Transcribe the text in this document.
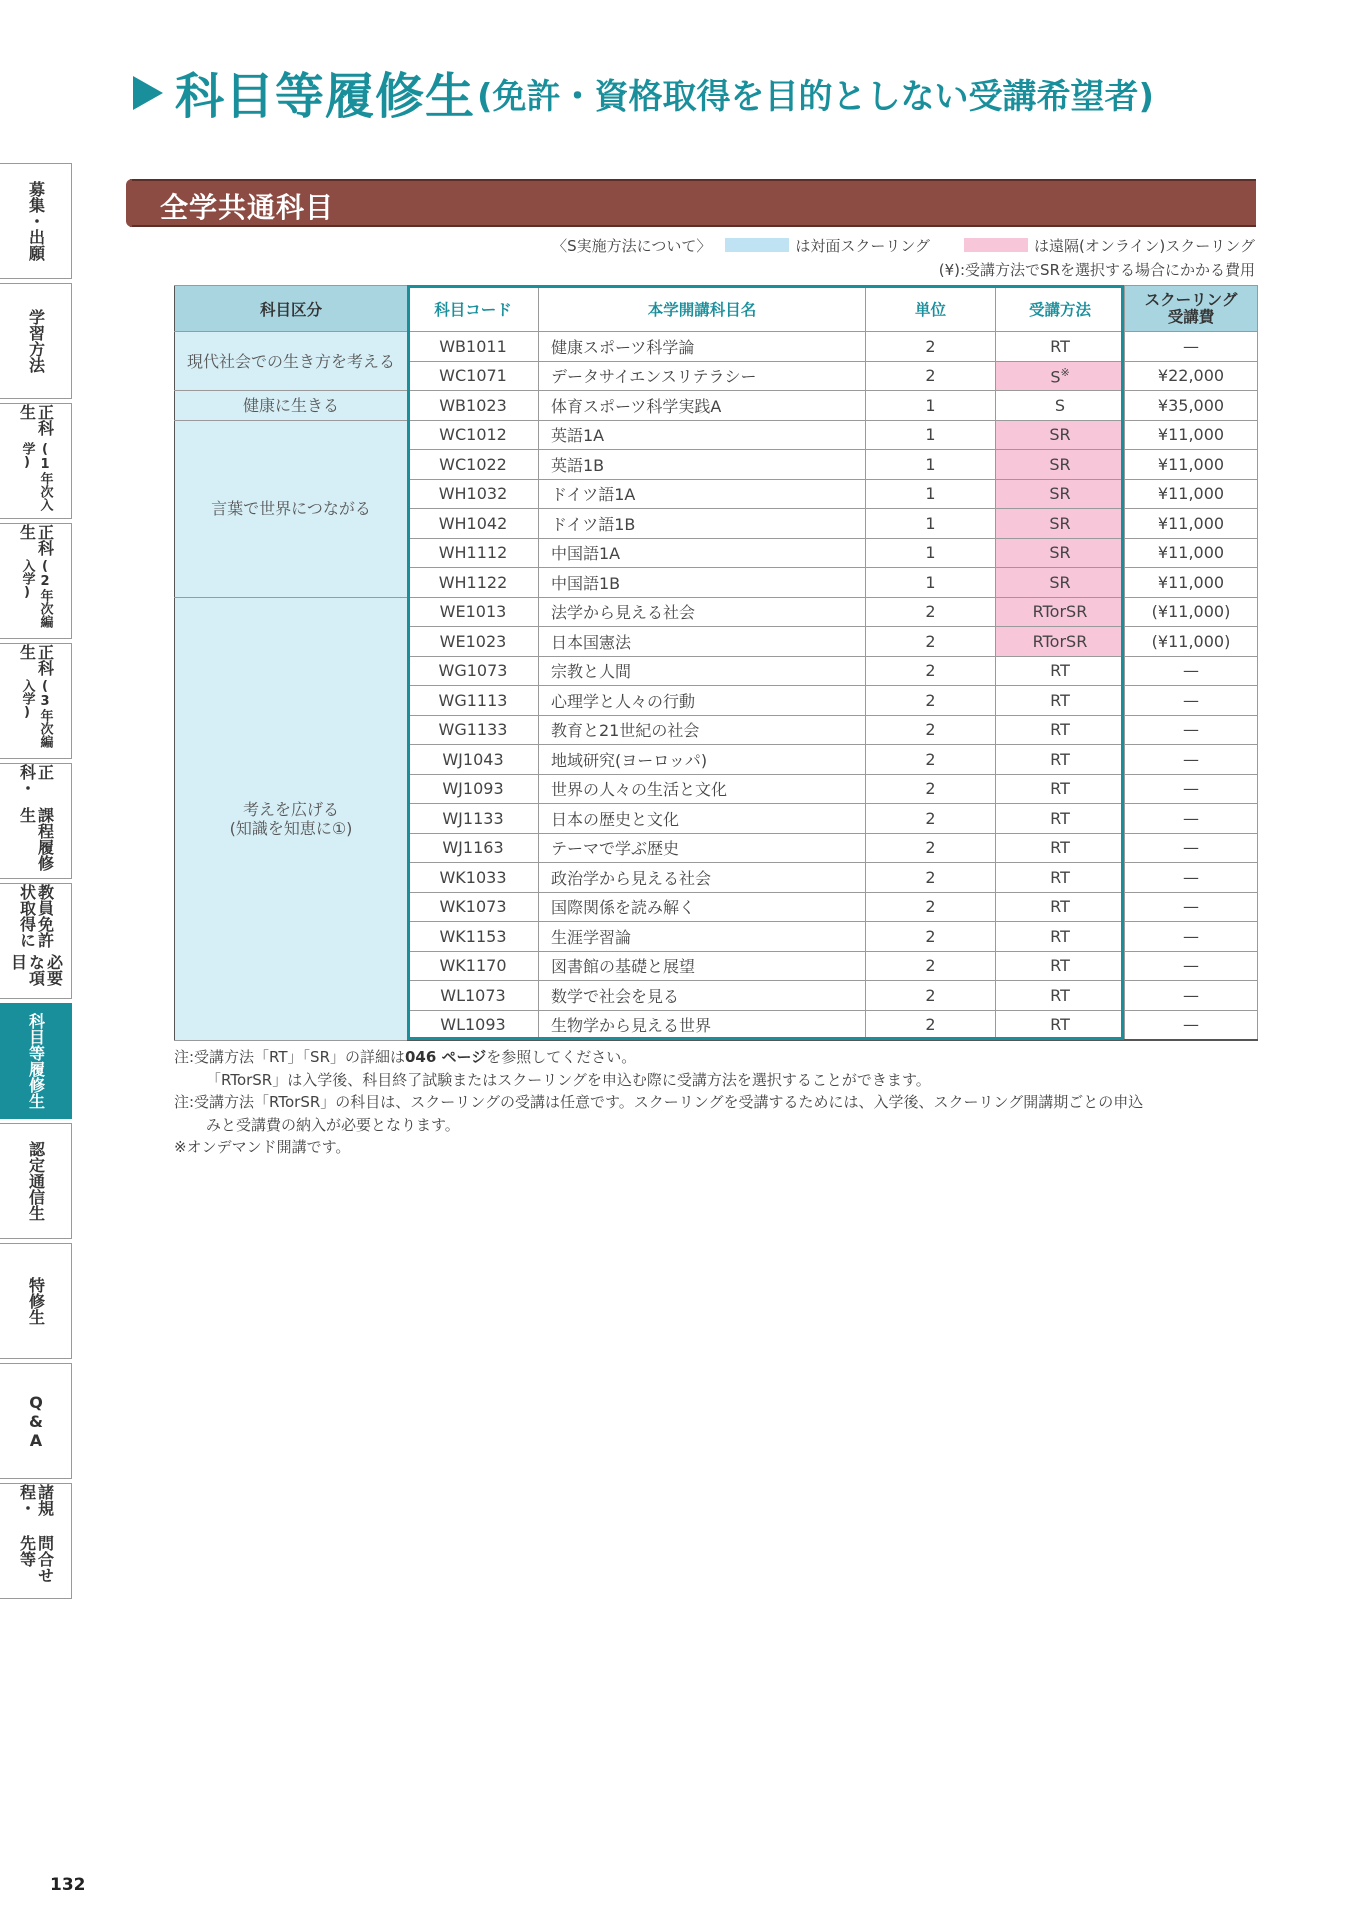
科目等履修生 (免許・資格取得を目的としない受講希望者)
全学共通科目
〈S実施方法について〉	は対面スクーリング	は遠隔(オンライン)スクーリング
(¥):受講方法でSRを選択する場合にかかる費用
科目区分	科目コード	本学開講科目名	単位	受講方法	スクーリング
受講費

現代社会での生き方を考える	WB1011	健康スポーツ科学論	2	RT	—
	WC1071	データサイエンスリテラシー	2	S※	¥22,000
健康に生きる	WB1023	体育スポーツ科学実践A	1	S	¥35,000
言葉で世界につながる	WC1012	英語1A	1	SR	¥11,000
	WC1022	英語1B	1	SR	¥11,000
	WH1032	ドイツ語1A	1	SR	¥11,000
	WH1042	ドイツ語1B	1	SR	¥11,000
	WH1112	中国語1A	1	SR	¥11,000
	WH1122	中国語1B	1	SR	¥11,000

考えを広げる
(知識を知恵に①)	WE1013	法学から見える社会	2	RTorSR	(¥11,000)
	WE1023	日本国憲法	2	RTorSR	(¥11,000)
	WG1073	宗教と人間	2	RT	—
	WG1113	心理学と人々の行動	2	RT	—
	WG1133	教育と21世紀の社会	2	RT	—
	WJ1043	地域研究(ヨーロッパ)	2	RT	—
	WJ1093	世界の人々の生活と文化	2	RT	—
	WJ1133	日本の歴史と文化	2	RT	—
	WJ1163	テーマで学ぶ歴史	2	RT	—
	WK1033	政治学から見える社会	2	RT	—
	WK1073	国際関係を読み解く	2	RT	—
	WK1153	生涯学習論	2	RT	—
	WK1170	図書館の基礎と展望	2	RT	—
	WL1073	数学で社会を見る	2	RT	—
	WL1093	生物学から見える世界	2	RT	—
注:受講方法「RT」「SR」の詳細は046 ページを参照してください。
「RTorSR」は入学後、科目終了試験またはスクーリングを申込む際に受講方法を選択することができます。
注:受講方法「RTorSR」の科目は、スクーリングの受講は任意です。スクーリングを受講するためには、入学後、スクーリング開講期ごとの申込
みと受講費の納入が必要となります。
※オンデマンド開講です。
募集・出願
学習方法
正科生
(1年次入学)
正科生
(2年次編入学)
正科生
(3年次編入学)
正科・
課程履修生
教員免許状取得に
必要な項目
科目等
履修生
認定通信生
特修生
Q&A
諸規程・
問合せ先等
132
